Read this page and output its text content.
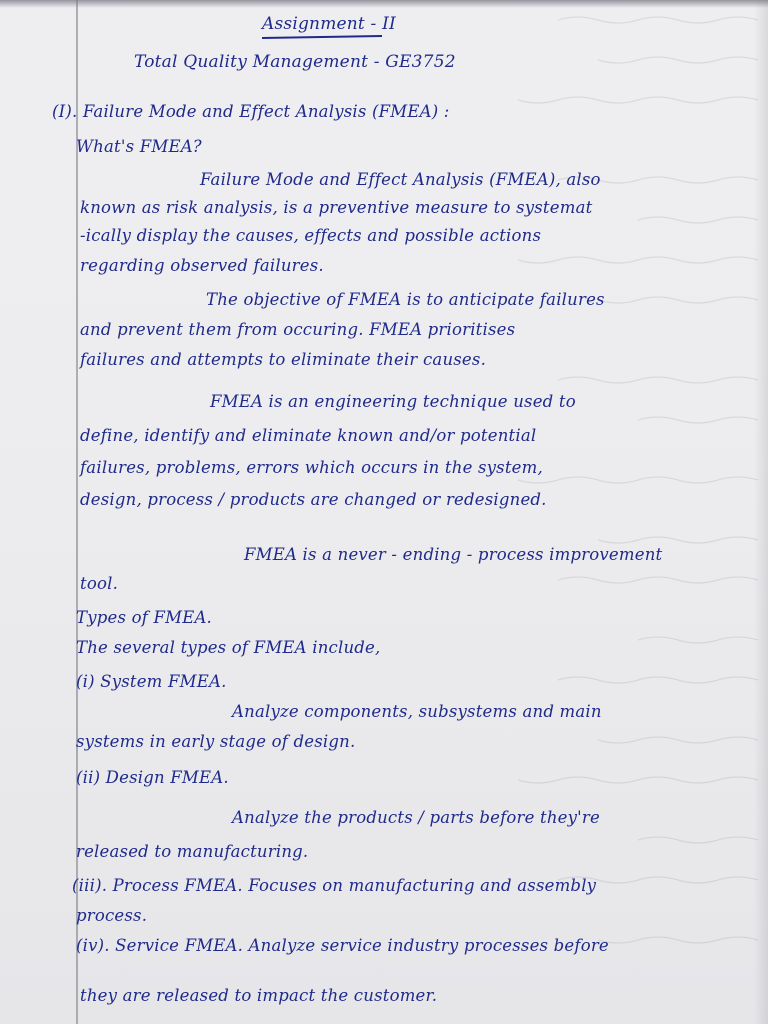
Assignment - II
Total Quality Management - GE3752
(I). Failure Mode and Effect Analysis (FMEA) :
What's FMEA?
Failure Mode and Effect Analysis (FMEA), also
known as risk analysis, is a preventive measure to systemat
-ically display the causes, effects and possible actions
regarding observed failures.
The objective of FMEA is to anticipate failures
and prevent them from occuring. FMEA prioritises
failures and attempts to eliminate their causes.
FMEA is an engineering technique used to
define, identify and eliminate known and/or potential
failures, problems, errors which occurs in the system,
design, process / products are changed or redesigned.
FMEA is a never - ending - process improvement
tool.
Types of FMEA.
The several types of FMEA include,
(i) System FMEA.
Analyze components, subsystems and main
systems in early stage of design.
(ii) Design FMEA.
Analyze the products / parts before they're
released to manufacturing.
(iii). Process FMEA. Focuses on manufacturing and assembly
process.
(iv). Service FMEA. Analyze service industry processes before
they are released to impact the customer.
